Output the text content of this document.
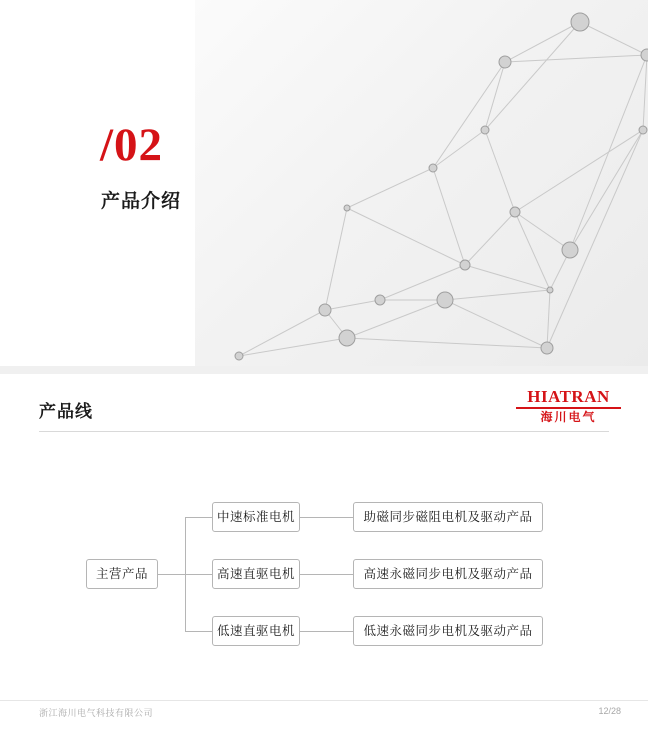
/02
产品介绍
产品线
HIATRAN
海川电气
主营产品
中速标准电机
高速直驱电机
低速直驱电机
助磁同步磁阻电机及驱动产品
高速永磁同步电机及驱动产品
低速永磁同步电机及驱动产品
浙江海川电气科技有限公司	12/28
